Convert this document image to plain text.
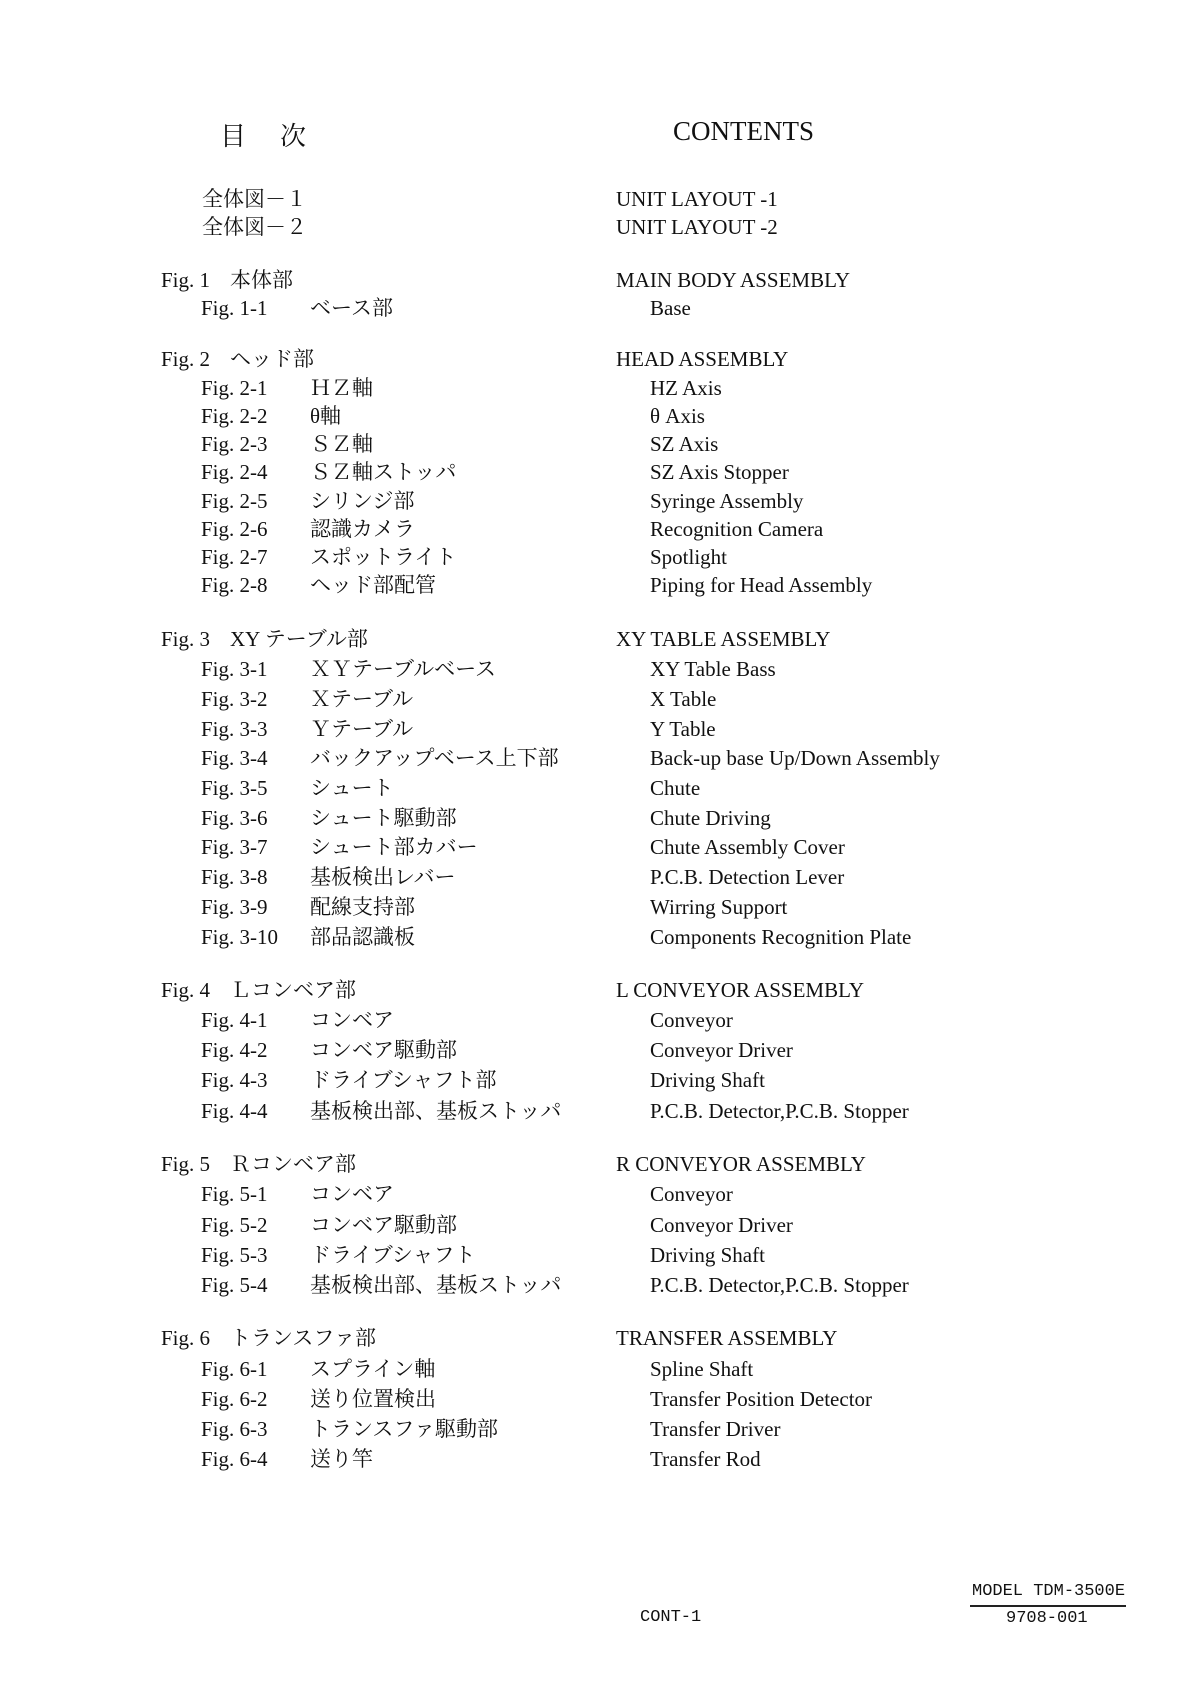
目次	CONTENTS
全体図－１	UNIT LAYOUT -1
全体図－２	UNIT LAYOUT -2
Fig. 1 本体部	MAIN BODY ASSEMBLY
Fig. 1-1 ベース部	Base
Fig. 2 ヘッド部	HEAD ASSEMBLY
Fig. 2-1 ＨＺ軸	HZ Axis
Fig. 2-2 θ軸	θ Axis
Fig. 2-3 ＳＺ軸	SZ Axis
Fig. 2-4 ＳＺ軸ストッパ	SZ Axis Stopper
Fig. 2-5 シリンジ部	Syringe Assembly
Fig. 2-6 認識カメラ	Recognition Camera
Fig. 2-7 スポットライト	Spotlight
Fig. 2-8 ヘッド部配管	Piping for Head Assembly
Fig. 3 XY テーブル部	XY TABLE ASSEMBLY
Fig. 3-1 ＸＹテーブルベース	XY Table Bass
Fig. 3-2 Ｘテーブル	X Table
Fig. 3-3 Ｙテーブル	Y Table
Fig. 3-4 バックアップベース上下部	Back-up base Up/Down Assembly
Fig. 3-5 シュート	Chute
Fig. 3-6 シュート駆動部	Chute Driving
Fig. 3-7 シュート部カバー	Chute Assembly Cover
Fig. 3-8 基板検出レバー	P.C.B. Detection Lever
Fig. 3-9 配線支持部	Wirring Support
Fig. 3-10 部品認識板	Components Recognition Plate
Fig. 4 Ｌコンベア部	L CONVEYOR ASSEMBLY
Fig. 4-1 コンベア	Conveyor
Fig. 4-2 コンベア駆動部	Conveyor Driver
Fig. 4-3 ドライブシャフト部	Driving Shaft
Fig. 4-4 基板検出部、基板ストッパ	P.C.B. Detector,P.C.B. Stopper
Fig. 5 Ｒコンベア部	R CONVEYOR ASSEMBLY
Fig. 5-1 コンベア	Conveyor
Fig. 5-2 コンベア駆動部	Conveyor Driver
Fig. 5-3 ドライブシャフト	Driving Shaft
Fig. 5-4 基板検出部、基板ストッパ	P.C.B. Detector,P.C.B. Stopper
Fig. 6 トランスファ部	TRANSFER ASSEMBLY
Fig. 6-1 スプライン軸	Spline Shaft
Fig. 6-2 送り位置検出	Transfer Position Detector
Fig. 6-3 トランスファ駆動部	Transfer Driver
Fig. 6-4 送り竿	Transfer Rod
CONT-1
MODEL TDM-3500E
9708-001
